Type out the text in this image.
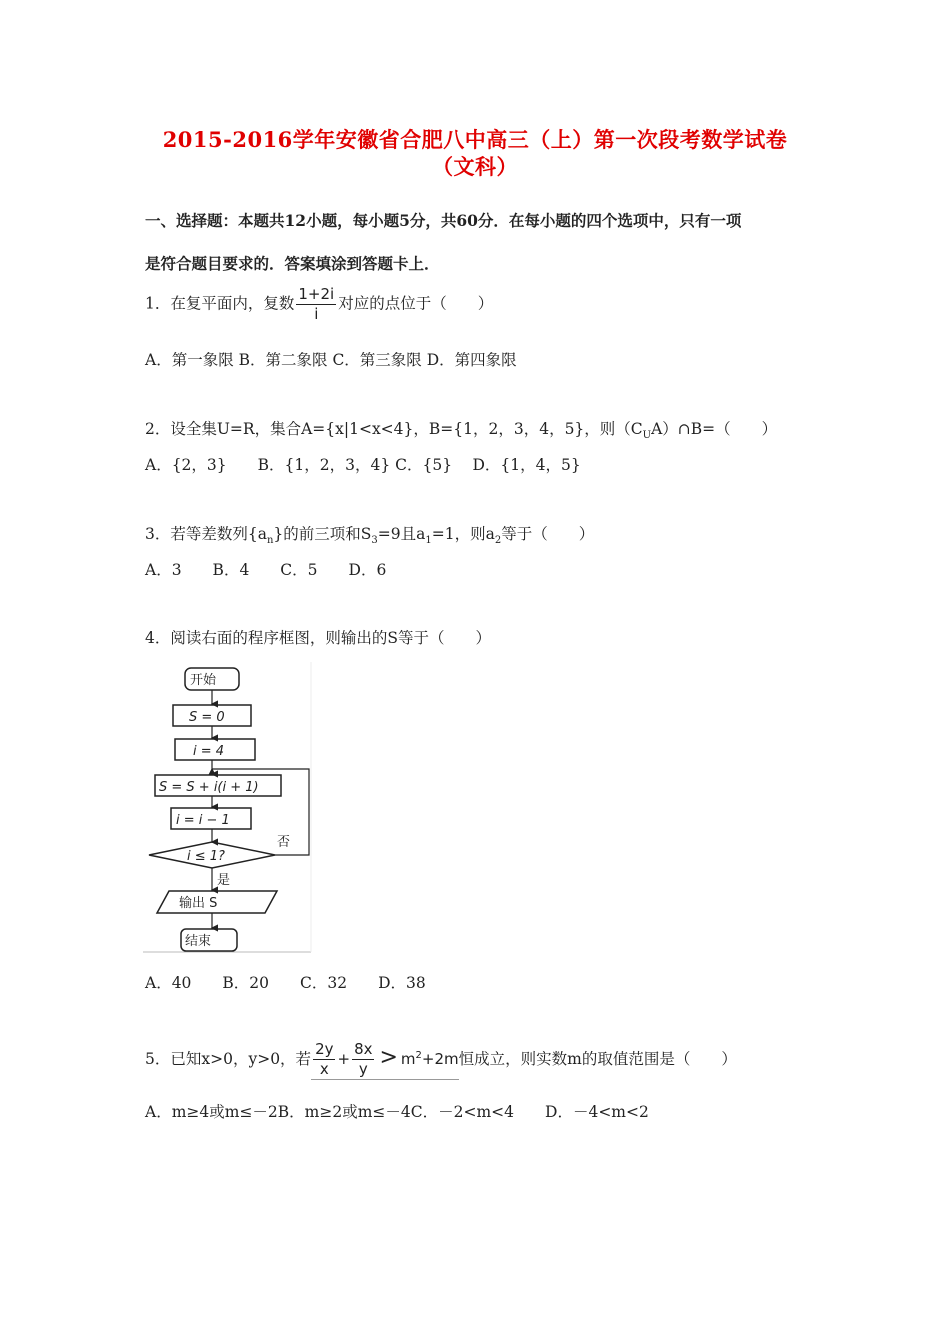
2015-2016学年安徽省合肥八中高三（上）第一次段考数学试卷
（文科）
一、选择题：本题共12小题，每小题5分，共60分．在每小题的四个选项中，只有一项
是符合题目要求的．答案填涂到答题卡上．
1．在复平面内，复数 $\frac{1+2i}{i}$ 对应的点位于（　　）
A．第一象限 B．第二象限 C．第三象限 D．第四象限
2．设全集U=R，集合A={x|1<x<4}，B={1，2，3，4，5}，则$(C_UA)\cap B=$（　　）
A．{2，3}　　B．{1，2，3，4} C．{5}　 D．{1，4，5}
3．若等差数列$\{a_n\}$的前三项和$S_3=9$且$a_1=1$，则$a_2$等于（　　）
A．3　　B．4　　C．5　　D．6
4．阅读右面的程序框图，则输出的S等于（　　）
开始
S = 0
i = 4
S = S + i(i + 1)
i = i − 1
i ≤ 1?
否
是
输出 S
结束
A．40　　B．20　　C．32　　D．38
5．已知x>0，y>0，若 $\frac{2y}{x} + \frac{8x}{y} > m^2+2m$恒成立，则实数m的取值范围是（　　）
A．m≥4或m≤－2B．m≥2或m≤－4C．－2<m<4　　D．－4<m<2
